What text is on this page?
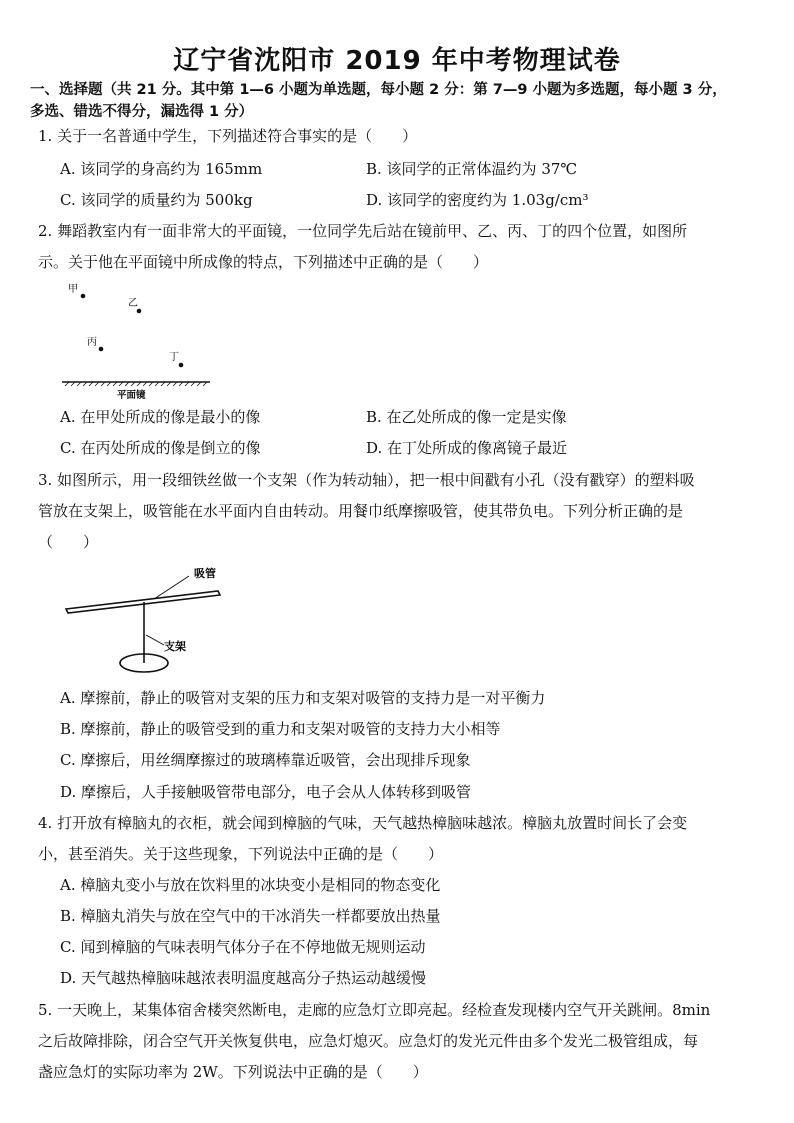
辽宁省沈阳市 2019 年中考物理试卷
一、选择题（共 21 分。其中第 1—6 小题为单选题，每小题 2 分：第 7—9 小题为多选题，每小题 3 分，
多选、错选不得分，漏选得 1 分）
1. 关于一名普通中学生，下列描述符合事实的是（　　）
A. 该同学的身高约为 165mm	B. 该同学的正常体温约为 37℃
C. 该同学的质量约为 500kg	D. 该同学的密度约为 1.03g/cm³
2. 舞蹈教室内有一面非常大的平面镜，一位同学先后站在镜前甲、乙、丙、丁的四个位置，如图所
示。关于他在平面镜中所成像的特点，下列描述中正确的是（　　）
甲
乙
丙
丁
平面镜
A. 在甲处所成的像是最小的像	B. 在乙处所成的像一定是实像
C. 在丙处所成的像是倒立的像	D. 在丁处所成的像离镜子最近
3. 如图所示，用一段细铁丝做一个支架（作为转动轴），把一根中间戳有小孔（没有戳穿）的塑料吸
管放在支架上，吸管能在水平面内自由转动。用餐巾纸摩擦吸管，使其带负电。下列分析正确的是
（　　）
吸管
支架
A. 摩擦前，静止的吸管对支架的压力和支架对吸管的支持力是一对平衡力
B. 摩擦前，静止的吸管受到的重力和支架对吸管的支持力大小相等
C. 摩擦后，用丝绸摩擦过的玻璃棒靠近吸管，会出现排斥现象
D. 摩擦后，人手接触吸管带电部分，电子会从人体转移到吸管
4. 打开放有樟脑丸的衣柜，就会闻到樟脑的气味，天气越热樟脑味越浓。樟脑丸放置时间长了会变
小，甚至消失。关于这些现象，下列说法中正确的是（　　）
A. 樟脑丸变小与放在饮料里的冰块变小是相同的物态变化
B. 樟脑丸消失与放在空气中的干冰消失一样都要放出热量
C. 闻到樟脑的气味表明气体分子在不停地做无规则运动
D. 天气越热樟脑味越浓表明温度越高分子热运动越缓慢
5. 一天晚上，某集体宿舍楼突然断电，走廊的应急灯立即亮起。经检查发现楼内空气开关跳闸。8min
之后故障排除，闭合空气开关恢复供电，应急灯熄灭。应急灯的发光元件由多个发光二极管组成，每
盏应急灯的实际功率为 2W。下列说法中正确的是（　　）
